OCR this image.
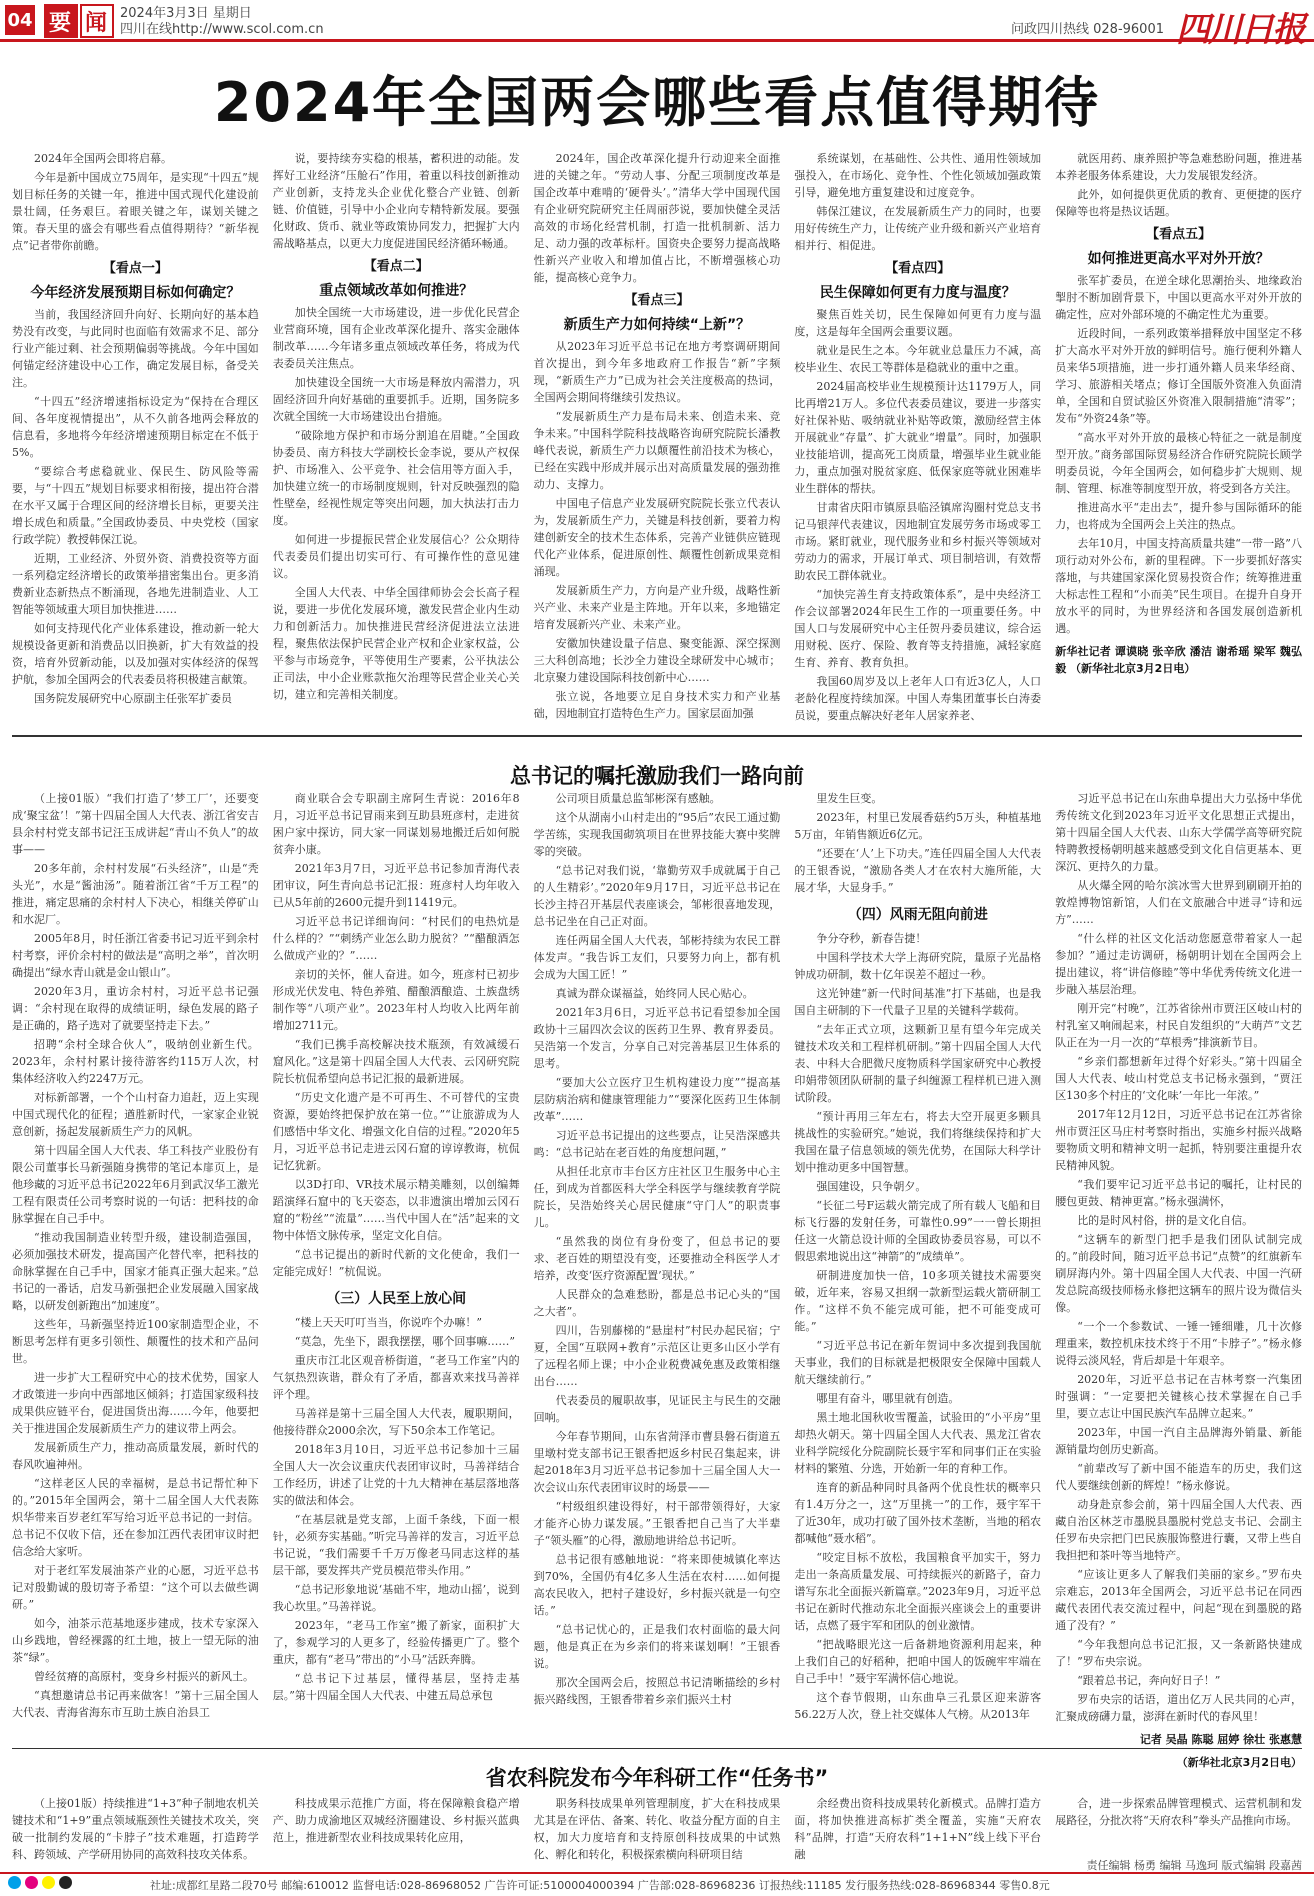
04 要 闻 2024年3月3日 星期日
四川在线http://www.scol.com.cn	问政四川热线 028-96001 四川日报
2024年全国两会哪些看点值得期待

2024年全国两会即将启幕。

今年是新中国成立75周年，是实现“十四五”规划目标任务的关键一年，推进中国式现代化建设前景壮阔，任务艰巨。着眼关键之年，谋划关键之策。春天里的盛会有哪些看点值得期待？“新华视点”记者带你前瞻。

【看点一】
今年经济发展预期目标如何确定？

当前，我国经济回升向好、长期向好的基本趋势没有改变，与此同时也面临有效需求不足、部分行业产能过剩、社会预期偏弱等挑战。今年中国如何锚定经济建设中心工作，确定发展目标，备受关注。

“十四五”经济增速指标设定为“保持在合理区间、各年度视情提出”，从不久前各地两会释放的信息看，多地将今年经济增速预期目标定在不低于5%。

“要综合考虑稳就业、保民生、防风险等需要，与“十四五”规划目标要求相衔接，提出符合潜在水平又属于合理区间的经济增长目标，更要关注增长成色和质量。”全国政协委员、中央党校（国家行政学院）教授韩保江说。

近期，工业经济、外贸外资、消费投资等方面一系列稳定经济增长的政策举措密集出台。更多消费新业态新热点不断涌现，各地先进制造业、人工智能等领域重大项目加快推进……

如何支持现代化产业体系建设，推动新一轮大规模设备更新和消费品以旧换新，扩大有效益的投资，培育外贸新动能，以及加强对实体经济的保驾护航，参加全国两会的代表委员将积极建言献策。

国务院发展研究中心原副主任张军扩委员

说，要持续夯实稳的根基，蓄积进的动能。发挥好工业经济“压舱石”作用，着重以科技创新推动产业创新，支持龙头企业优化整合产业链、创新链、价值链，引导中小企业向专精特新发展。要强化财政、货币、就业等政策协同发力，把握扩大内需战略基点，以更大力度促进国民经济循环畅通。

【看点二】
重点领域改革如何推进？

加快全国统一大市场建设，进一步优化民营企业营商环境，国有企业改革深化提升、落实金融体制改革……今年诸多重点领域改革任务，将成为代表委员关注焦点。

加快建设全国统一大市场是释放内需潜力，巩固经济回升向好基础的重要抓手。近期，国务院多次就全国统一大市场建设出台措施。

“破除地方保护和市场分割追在眉睫。”全国政协委员、南方科技大学副校长金李说，要从产权保护、市场准入、公平竞争、社会信用等方面入手，加快建立统一的市场制度规则，针对反映强烈的隐性壁垒，经视性规定等突出问题，加大执法打击力度。

如何进一步提振民营企业发展信心？公众期待代表委员们提出切实可行、有可操作性的意见建议。

全国人大代表、中华全国律师协会会长高子程说，要进一步优化发展环境，激发民营企业内生动力和创新活力。加快推进民营经济促进法立法进程，聚焦依法保护民营企业产权和企业家权益，公平参与市场竞争，平等使用生产要素，公平执法公正司法，中小企业账款拖欠治理等民营企业关心关切，建立和完善相关制度。

2024年，国企改革深化提升行动迎来全面推进的关键之年。“劳动人事、分配三项制度改革是国企改革中难啃的‘硬骨头’。”清华大学中国现代国有企业研究院研究主任周丽莎说，要加快健全灵活高效的市场化经营机制，打造一批机制新、活力足、动力强的改革标杆。国资央企要努力提高战略性新兴产业收入和增加值占比，不断增强核心功能，提高核心竞争力。

【看点三】
新质生产力如何持续“上新”？

从2023年习近平总书记在地方考察调研期间首次提出，到今年多地政府工作报告“新”字频现，“新质生产力”已成为社会关注度极高的热词，全国两会期间将继续引发热议。

“发展新质生产力是布局未来、创造未来、竞争未来。”中国科学院科技战略咨询研究院院长潘教峰代表说，新质生产力以颠覆性前沿技术为核心，已经在实践中形成并展示出对高质量发展的强劲推动力、支撑力。

中国电子信息产业发展研究院院长张立代表认为，发展新质生产力，关键是科技创新，要着力构建创新安全的技术生态体系，完善产业链供应链现代化产业体系，促进原创性、颠覆性创新成果竞相涌现。

发展新质生产力，方向是产业升级，战略性新兴产业、未来产业是主阵地。开年以来，多地锚定培育发展新兴产业、未来产业。

安徽加快建设量子信息、聚变能源、深空探测三大科创高地；长沙全力建设全球研发中心城市；北京聚力建设国际科技创新中心……

张立说，各地要立足自身技术实力和产业基础，因地制宜打造特色生产力。国家层面加强

系统谋划，在基础性、公共性、通用性领域加强投入，在市场化、竞争性、个性化领域加强政策引导，避免地方重复建设和过度竞争。

韩保江建议，在发展新质生产力的同时，也要用好传统生产力，让传统产业升级和新兴产业培育相并行、相促进。

【看点四】
民生保障如何更有力度与温度？

聚焦百姓关切，民生保障如何更有力度与温度，这是每年全国两会重要议题。

就业是民生之本。今年就业总量压力不减，高校毕业生、农民工等群体是稳就业的重中之重。

2024届高校毕业生规模预计达1179万人，同比再增21万人。多位代表委员建议，要进一步落实好社保补贴、吸纳就业补贴等政策，激励经营主体开展就业“存量”、扩大就业“增量”。同时，加强职业技能培训，提高死工岗质量，增强毕业生就业能力，重点加强对脱贫家庭、低保家庭等就业困难毕业生群体的帮扶。

甘肃省庆阳市镇原县临泾镇席沟圈村党总支书记马银萍代表建议，因地制宜发展劳务市场或零工市场。紧盯就业，现代服务业和乡村振兴等领域对劳动力的需求，开展订单式、项目制培训，有效帮助农民工群体就业。

“加快完善生育支持政策体系”，是中央经济工作会议部署2024年民生工作的一项重要任务。中国人口与发展研究中心主任贺丹委员建议，综合运用财税、医疗、保险、教育等支持措施，减轻家庭生育、养育、教育负担。

我国60周岁及以上老年人口有近3亿人，人口老龄化程度持续加深。中国人寿集团董事长白涛委员说，要重点解决好老年人居家养老、

就医用药、康养照护等急难愁盼问题，推进基本养老服务体系建设，大力发展银发经济。

此外，如何提供更优质的教育、更便捷的医疗保障等也将是热议话题。

【看点五】
如何推进更高水平对外开放？

张军扩委员，在逆全球化思潮抬头、地缘政治掣肘不断加剧背景下，中国以更高水平对外开放的确定性，应对外部环境的不确定性尤为重要。

近段时间，一系列政策举措释放中国坚定不移扩大高水平对外开放的鲜明信号。施行便利外籍人员来华5项措施，进一步打通外籍人员来华经商、学习、旅游相关堵点；修订全国版外资准入负面清单，全国和自贸试验区外资准入限制措施“清零”；发布“外资24条”等。

“高水平对外开放的最核心特征之一就是制度型开放。”商务部国际贸易经济合作研究院院长顾学明委员说，今年全国两会，如何稳步扩大规则、规制、管理、标准等制度型开放，将受到各方关注。

推进高水平“走出去”，提升参与国际循环的能力，也将成为全国两会上关注的热点。

去年10月，中国支持高质量共建“一带一路”八项行动对外公布，新的里程碑。下一步要抓好落实落地，与共建国家深化贸易投资合作；统筹推进重大标志性工程和“小而美”民生项目。在提升自身开放水平的同时，为世界经济和各国发展创造新机遇。

新华社记者 谭谟晓 张辛欣 潘洁 谢希瑶 梁军 魏弘毅 （新华社北京3月2日电）
总书记的嘱托激励我们一路向前

（上接01版）“我们打造了‘梦工厂’，还要变成‘聚宝盆’！”第十四届全国人大代表、浙江省安吉县余村村党支部书记汪玉成讲起“青山不负人”的故事——

20多年前，余村村发展“石头经济”，山是“秃头光”，水是“酱油汤”。随着浙江省“千万工程”的推进，痛定思痛的余村村人下决心，相继关停矿山和水泥厂。

2005年8月，时任浙江省委书记习近平到余村村考察，评价余村村的做法是“高明之举”，首次明确提出“绿水青山就是金山银山”。

2020年3月，重访余村村，习近平总书记强调：“余村现在取得的成绩证明，绿色发展的路子是正确的，路子选对了就要坚持走下去。”

招聘“余村全球合伙人”，吸纳创业新生代。2023年，余村村累计接待游客约115万人次，村集体经济收入约2247万元。

对标新部署，一个个山村奋力追赶，迈上实现中国式现代化的征程；遒胜新时代，一家家企业锐意创新，扬起发展新质生产力的风帆。

第十四届全国人大代表、华工科技产业股份有限公司董事长马新强随身携带的笔记本扉页上，是他珍藏的习近平总书记2022年6月到武汉华工激光工程有限责任公司考察时说的一句话：把科技的命脉掌握在自己手中。

“推动我国制造业转型升级，建设制造强国，必须加强技术研发，提高国产化替代率，把科技的命脉掌握在自己手中，国家才能真正强大起来。”总书记的一番话，启发马新强把企业发展融入国家战略，以研发创新跑出“加速度”。

这些年，马新强坚持近100家制造型企业，不断思考怎样有更多引领性、颠覆性的技术和产品问世。

进一步扩大工程研究中心的技术优势，国家人才政策进一步向中西部地区倾斜；打造国家级科技成果供应链平台，促进国货出海……今年，他要把关于推进国企发展新质生产力的建议带上两会。

发展新质生产力，推动高质量发展，新时代的春风吹遍神州。

“这样老区人民的幸福树，是总书记帮忙种下的。”2015年全国两会，第十二届全国人大代表陈炽华带来百岁老红军写给习近平总书记的一封信。总书记不仅收下信，还在参加江西代表团审议时把信念给大家听。

对于老红军发展油茶产业的心愿，习近平总书记对殷勤诚的殷切寄予希望：“这个可以去做些调研。”

如今，油茶示范基地逐步建成，技术专家深入山乡践地，曾经裸露的红土地，披上一望无际的油茶“绿”。

曾经贫瘠的高原村，变身乡村振兴的新风土。

“真想邀请总书记再来做客！”第十三届全国人大代表、青海省海东市互助土族自治县工

商业联合会专职副主席阿生青说：2016年8月，习近平总书记冒雨来到互助县班彦村，走进贫困户家中探访，同大家一同谋划易地搬迁后如何脱贫奔小康。

2021年3月7日，习近平总书记参加青海代表团审议，阿生青向总书记汇报：班彦村人均年收入已从5年前的2600元提升到11419元。

习近平总书记详细询问：“村民们的电热炕是什么样的？”“刺绣产业怎么助力脱贫？”“醋酿酒怎么做成产业的？”……

亲切的关怀，催人奋进。如今，班彦村已初步形成光伏发电、特色养殖、醋酿酒酿造、土族盘绣制作等“八项产业”。2023年村人均收入比两年前增加2711元。

“我们已携手高校解决技术瓶颈，有效减缓石窟风化。”这是第十四届全国人大代表、云冈研究院院长杭侃希望向总书记汇报的最新进展。

“历史文化遗产是不可再生、不可替代的宝贵资源，要始终把保护放在第一位。”“让旅游成为人们感悟中华文化、增强文化自信的过程。”2020年5月，习近平总书记走进云冈石窟的谆谆教诲，杭侃记忆犹新。

以3D打印、VR技术展示精美雕刻，以创编舞蹈演绎石窟中的飞天姿态，以非遗演出增加云冈石窟的“粉丝”“流量”……当代中国人在“活”起来的文物中体悟文脉传承，坚定文化自信。

“总书记提出的新时代新的文化使命，我们一定能完成好！”杭侃说。

（三）人民至上放心间

“楼上天天叮叮当当，你说咋个办嘛！”

“莫急，先坐下，跟我摆摆，哪个回事嘛……”

重庆市江北区观音桥街道，“老马工作室”内的气氛热烈诙谐，群众有了矛盾，都喜欢来找马善祥评个理。

马善祥是第十三届全国人大代表，履职期间，他接待群众2000余次，写下50余本工作笔记。

2018年3月10日，习近平总书记参加十三届全国人大一次会议重庆代表团审议时，马善祥结合工作经历，讲述了让党的十九大精神在基层落地落实的做法和体会。

“在基层就是党支部，上面千条线，下面一根针，必须夯实基础。”听完马善祥的发言，习近平总书记说，“我们需要千千万万像老马同志这样的基层干部，要发挥共产党员模范带头作用。”

“总书记形象地说‘基础不牢，地动山摇’，说到我心坎里。”马善祥说。

2023年，“老马工作室”搬了新家，面积扩大了，参观学习的人更多了，经验传播更广了。整个重庆，都有“老马”带出的“小马”活跃奔腾。

“总书记下过基层，懂得基层，坚持走基层。”第十四届全国人大代表、中建五局总承包

公司项目质量总监邹彬深有感触。

这个从湖南小山村走出的“95后”农民工通过勤学苦练，实现我国砌筑项目在世界技能大赛中奖牌零的突破。

“总书记对我们说，‘靠勤劳双手成就属于自己的人生精彩’。”2020年9月17日，习近平总书记在长沙主持召开基层代表座谈会，邹彬很喜地发现，总书记坐在自己正对面。

连任两届全国人大代表，邹彬持续为农民工群体发声。“我告诉工友们，只要努力向上，都有机会成为大国工匠！”

真诚为群众谋福益，始终同人民心贴心。

2021年3月6日，习近平总书记看望参加全国政协十三届四次会议的医药卫生界、教育界委员。吴浩第一个发言，分享自己对完善基层卫生体系的思考。

“要加大公立医疗卫生机构建设力度”“提高基层防病治病和健康管理能力”“要深化医药卫生体制改革”……

习近平总书记提出的这些要点，让吴浩深感共鸣：“总书记站在老百姓的角度想问题，”

从担任北京市丰台区方庄社区卫生服务中心主任，到成为首都医科大学全科医学与继续教育学院院长，吴浩始终关心居民健康“守门人”的职责事儿。

“虽然我的岗位有身份变了，但总书记的要求、老百姓的期望没有变，还要推动全科医学人才培养，改变‘医疗资源配置’现状。”

人民群众的急难愁盼，都是总书记心头的“国之大者”。

四川，告别藤梯的“悬崖村”村民办起民宿；宁夏，全国“互联网+教育”示范区让更多山区小学有了远程名师上课；中小企业税费减免惠及政策相继出台……

代表委员的履职故事，见证民主与民生的交融回响。

今年春节期间，山东省菏泽市曹县磐石街道五里墩村党支部书记王银香把返乡村民召集起来，讲起2018年3月习近平总书记参加十三届全国人大一次会议山东代表团审议时的场景——

“村级组织建设得好，村干部带领得好，大家才能齐心协力谋发展。”王银香把自己当了大半辈子“领头雁”的心得，激励地讲给总书记听。

总书记很有感触地说：“将来即使城镇化率达到70%，全国仍有4亿多人生活在农村……如何提高农民收入，把村子建设好，乡村振兴就是一句空话。”

“总书记忧心的，正是我们农村面临的最大问题，他是真正在为乡亲们的将来谋划啊！”王银香说。

那次全国两会后，按照总书记清晰描绘的乡村振兴路线图，王银香带着乡亲们振兴土村

里发生巨变。

2023年，村里已发展香菇约5万头，种植基地5万亩，年销售额近6亿元。

“还要在‘人’上下功夫。”连任四届全国人大代表的王银香说，“激励各类人才在农村大施所能，大展才华，大显身手。”

（四）风雨无阻向前进

争分夺秒，新春告捷！

中国科学技术大学上海研究院，量原子光晶格钟成功研制，数十亿年误差不超过一秒。

这光钟建“新一代时间基准”打下基础，也是我国自主研制的下一代量子卫星的关键科学载荷。

“去年正式立项，这颗新卫星有望今年完成关键技术攻关和工程样机研制。”第十四届全国人大代表、中科大合肥微尺度物质科学国家研究中心教授印娟带领团队研制的量子纠缠源工程样机已进入测试阶段。

“预计再用三年左右，将去大空开展更多颗具挑战性的实验研究。”她说，我们将继续保持和扩大我国在量子信息领域的领先优势，在国际大科学计划中推动更多中国智慧。

强国建设，只争朝夕。

“长征二号F运载火箭完成了所有载人飞船和目标飞行器的发射任务，可靠性0.99”一一曾长期担任这一火箭总设计师的全国政协委员容易，可以不假思索地说出这“神箭”的“成绩单”。

研制进度加快一倍，10多项关键技术需要突破，近年来，容易又担纲一款新型运载火箭研制工作。“这样不负不能完成可能，把不可能变成可能。”

“习近平总书记在新年贺词中多次提到我国航天事业，我们的目标就是把极限安全保障中国载人航天继续前行。”

哪里有奋斗，哪里就有创造。

黑土地北国秋收雪覆盖，试验田的“小平房”里却热火朝天。第十四届全国人大代表、黑龙江省农业科学院绥化分院副院长聂宇军和同事们正在实验材料的繁殖、分选，开始新一年的育种工作。

连育的新品种同时具备两个优良性状的概率只有1.4万分之一，这“万里挑一”的工作，聂宇军干了近30年，成功打破了国外技术垄断，当地的稻农都喊他“聂水稻”。

“咬定目标不放松，我国粮食平加实干，努力走出一条高质量发展、可持续振兴的新路子，奋力谱写东北全面振兴新篇章。”2023年9月，习近平总书记在新时代推动东北全面振兴座谈会上的重要讲话，点燃了聂宇军和团队的创业激情。

“把战略眼光这一后备耕地资源利用起来，种上我们自己的好稻种，把咱中国人的饭碗牢牢端在自己手中！”聂宇军满怀信心地说。

这个春节假期，山东曲阜三孔景区迎来游客56.22万人次，登上社交媒体人气榜。从2013年

习近平总书记在山东曲阜提出大力弘扬中华优秀传统文化到2023年习近平文化思想正式提出，第十四届全国人大代表、山东大学儒学高等研究院特聘教授杨朝明越来越感受到文化自信更基本、更深沉、更持久的力量。

从火爆全网的哈尔滨冰雪大世界到刷刷开拍的敦煌博物馆新馆，人们在文旅融合中迸寻“诗和远方”……

“什么样的社区文化活动您愿意带着家人一起参加？”通过走访调研，杨朝明计划在全国两会上提出建议，将“讲信修睦”等中华优秀传统文化进一步融入基层治理。

刚开完“村晚”，江苏省徐州市贾汪区岐山村的村乳室又响闹起来，村民自发组织的“大萌芦”文艺队正在为一月一次的“草根秀”排演新节目。

“乡亲们都想新年过得个好彩头。”第十四届全国人大代表、岐山村党总支书记杨永强到，“贾汪区130多个村庄的‘文化味’一年比一年浓。”

2017年12月12日，习近平总书记在江苏省徐州市贾汪区马庄村考察时指出，实施乡村振兴战略要物质文明和精神文明一起抓，特别要注重提升农民精神风貌。

“我们要牢记习近平总书记的嘱托，让村民的腰包更鼓、精神更富。”杨永强满怀，

比的是时风村俗，拼的是文化自信。

“这辆车的新型门把手是我们团队试制完成的。”前段时间，随习近平总书记“点赞”的红旗新车刷屏海内外。第十四届全国人大代表、中国一汽研发总院高级技师杨永修把这辆车的照片设为微信头像。

“一个一个参数试、一锤一锤细雕，几十次修理重来，数控机床技术终于不用“卡脖子”。”杨永修说得云淡风轻，背后却是十年艰辛。

2020年，习近平总书记在吉林考察一汽集团时强调：“一定要把关键核心技术掌握在自己手里，要立志让中国民族汽车品牌立起来。”

2023年，中国一汽自主品牌海外销量、新能源销量均创历史新高。

“前辈改写了新中国不能造车的历史，我们这代人要继续创新的辉煌！”杨永修说。

动身赴京参会前，第十四届全国人大代表、西藏自治区林芝市墨脱县墨脱村党总支书记、会副主任罗布央宗把门巴民族服饰整进行囊，又带上些自我担把和茶叶等当地特产。

“应该让更多人了解我们美丽的家乡。”罗布央宗难忘，2013年全国两会，习近平总书记在同西藏代表团代表交流过程中，问起“现在到墨脱的路通了没有？”

“今年我想向总书记汇报，又一条新路快建成了！”罗布央宗说。

“跟着总书记，奔向好日子！”

罗布央宗的话语，道出亿万人民共同的心声，汇聚成磅礴力量，澎湃在新时代的春风里！

记者 吴晶 陈聪 屈婷 徐壮 张惠慧
（新华社北京3月2日电）
省农科院发布今年科研工作“任务书”

（上接01版）持续推进“1+3”种子制地农机关键技术和“1+9”重点领域瓶颈性关键技术攻关，突破一批制约发展的“卡脖子”技术难题，打造跨学科、跨领域、产学研用协同的高效科技攻关体系。

科技成果示范推广方面，将在保障粮食稳产增产、助力成渝地区双城经济圈建设、乡村振兴蓝典范上，推进新型农业科技成果转化应用，

职务科技成果单列管理制度，扩大在科技成果尤其是在评估、备案、转化、收益分配方面的自主权，加大力度培育和支持原创科技成果的中试熟化、孵化和转化，积极探索横向科研项目结

余经费出资科技成果转化新模式。品牌打造方面，将加快推进高标扩类全覆盖，实施“天府农科”品牌，打造“天府农科”1+1+N”线上线下平台融

合，进一步探索品牌管理模式、运营机制和发展路径，分批次将“天府农科”拳头产品推向市场。

责任编辑 杨勇 编辑 马逸珂 版式编辑 段嘉茜
社址:成都红星路二段70号 邮编:610012 监督电话:028-86968052 广告许可证:5100004000394 广告部:028-86968236 订报热线:11185 发行服务热线:028-86968344 零售0.8元
